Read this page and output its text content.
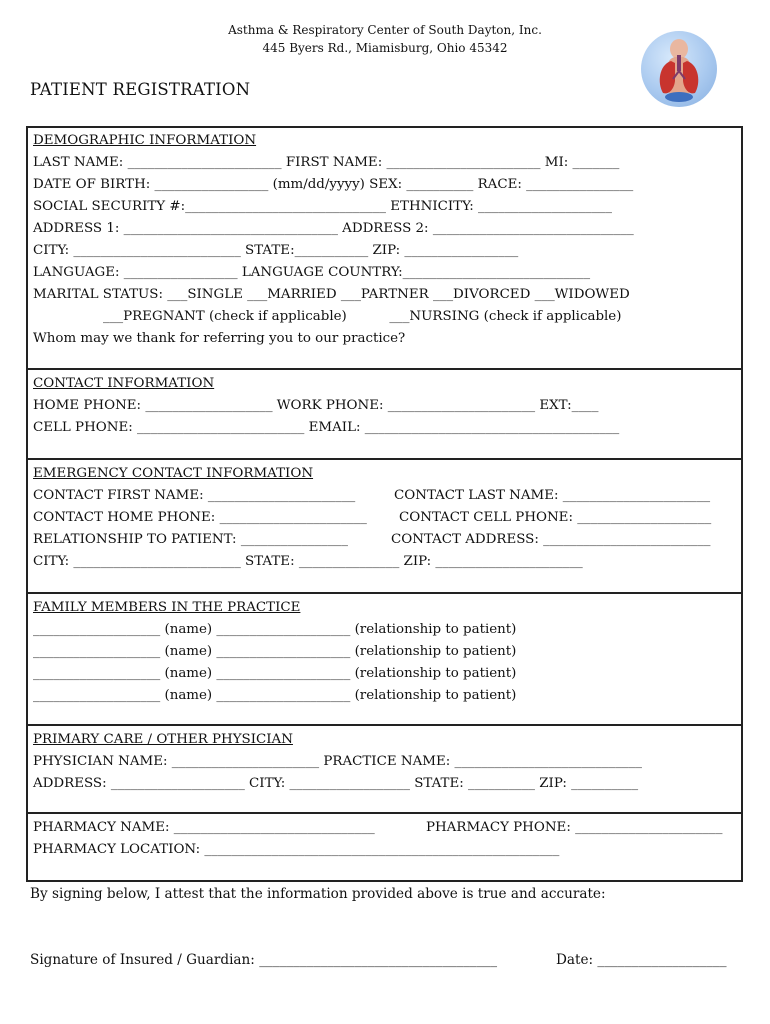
Asthma & Respiratory Center of South Dayton, Inc.
445 Byers Rd., Miamisburg, Ohio 45342
PATIENT REGISTRATION
DEMOGRAPHIC INFORMATION
LAST NAME: _______________________ FIRST NAME: _______________________ MI: _______
DATE OF BIRTH: _________________ (mm/dd/yyyy) SEX: __________ RACE: ________________
SOCIAL SECURITY #:______________________________ ETHNICITY: ____________________
ADDRESS 1: ________________________________ ADDRESS 2: ______________________________
CITY: _________________________ STATE:___________ ZIP: _________________
LANGUAGE: _________________ LANGUAGE COUNTRY:____________________________
MARITAL STATUS: ___SINGLE ___MARRIED ___PARTNER ___DIVORCED ___WIDOWED
___PREGNANT (check if applicable)          ___NURSING (check if applicable)
Whom may we thank for referring you to our practice?
CONTACT INFORMATION
HOME PHONE: ___________________ WORK PHONE: ______________________ EXT:____
CELL PHONE: _________________________ EMAIL: ______________________________________
EMERGENCY CONTACT INFORMATION
CONTACT FIRST NAME: ______________________	CONTACT LAST NAME: ______________________
CONTACT HOME PHONE: ______________________ CONTACT CELL PHONE: ____________________
RELATIONSHIP TO PATIENT: ________________	CONTACT ADDRESS: _________________________
CITY: _________________________ STATE: _______________ ZIP: ______________________
FAMILY MEMBERS IN THE PRACTICE
___________________ (name) ____________________ (relationship to patient)
___________________ (name) ____________________ (relationship to patient)
___________________ (name) ____________________ (relationship to patient)
___________________ (name) ____________________ (relationship to patient)
PRIMARY CARE / OTHER PHYSICIAN
PHYSICIAN NAME: ______________________ PRACTICE NAME: ____________________________
ADDRESS: ____________________ CITY: __________________ STATE: __________ ZIP: __________
PHARMACY NAME: ______________________________	PHARMACY PHONE: ______________________
PHARMACY LOCATION: _____________________________________________________
By signing below, I attest that the information provided above is true and accurate:
Signature of Insured / Guardian: ___________________________________	Date: ___________________
